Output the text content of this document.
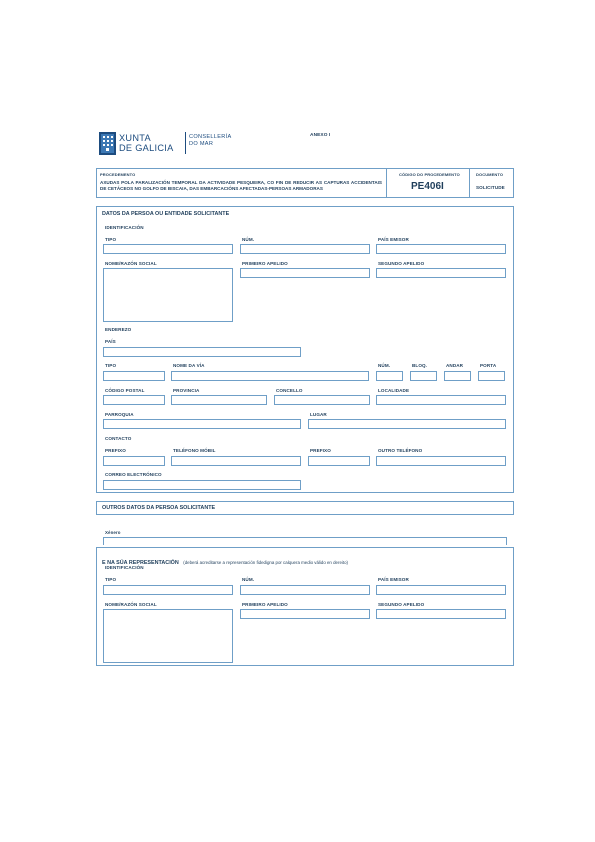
XUNTA
DE GALICIA
CONSELLERÍA
DO MAR
ANEXO I
PROCEDEMENTO
AXUDAS POLA PARALIZACIÓN TEMPORAL DA ACTIVIDADE PESQUEIRA, CO FIN DE REDUCIR AS CAPTURAS ACCIDENTAIS DE CETÁCEOS NO GOLFO DE BISCAIA, DAS EMBARCACIÓNS AFECTADAS-PERSOAS ARMADORAS
CÓDIGO DO PROCEDEMENTO
PE406I
DOCUMENTO
SOLICITUDE
DATOS DA PERSOA OU ENTIDADE SOLICITANTE
IDENTIFICACIÓN
TIPO	NÚM.	PAÍS EMISOR
NOME/RAZÓN SOCIAL	PRIMEIRO APELIDO	SEGUNDO APELIDO
ENDEREZO
PAÍS
TIPO	NOME DA VÍA	NÚM.	BLOQ.	ANDAR	PORTA
CÓDIGO POSTAL	PROVINCIA	CONCELLO	LOCALIDADE
PARROQUIA	LUGAR
CONTACTO
PREFIXO	TELÉFONO MÓBIL	PREFIXO	OUTRO TELÉFONO
CORREO ELECTRÓNICO
OUTROS DATOS DA PERSOA SOLICITANTE
Xénero
E NA SÚA REPRESENTACIÓN (deberá acreditarse a representación fidedigna por calquera medio válido en dereito)
IDENTIFICACIÓN
TIPO	NÚM.	PAÍS EMISOR
NOME/RAZÓN SOCIAL	PRIMEIRO APELIDO	SEGUNDO APELIDO
